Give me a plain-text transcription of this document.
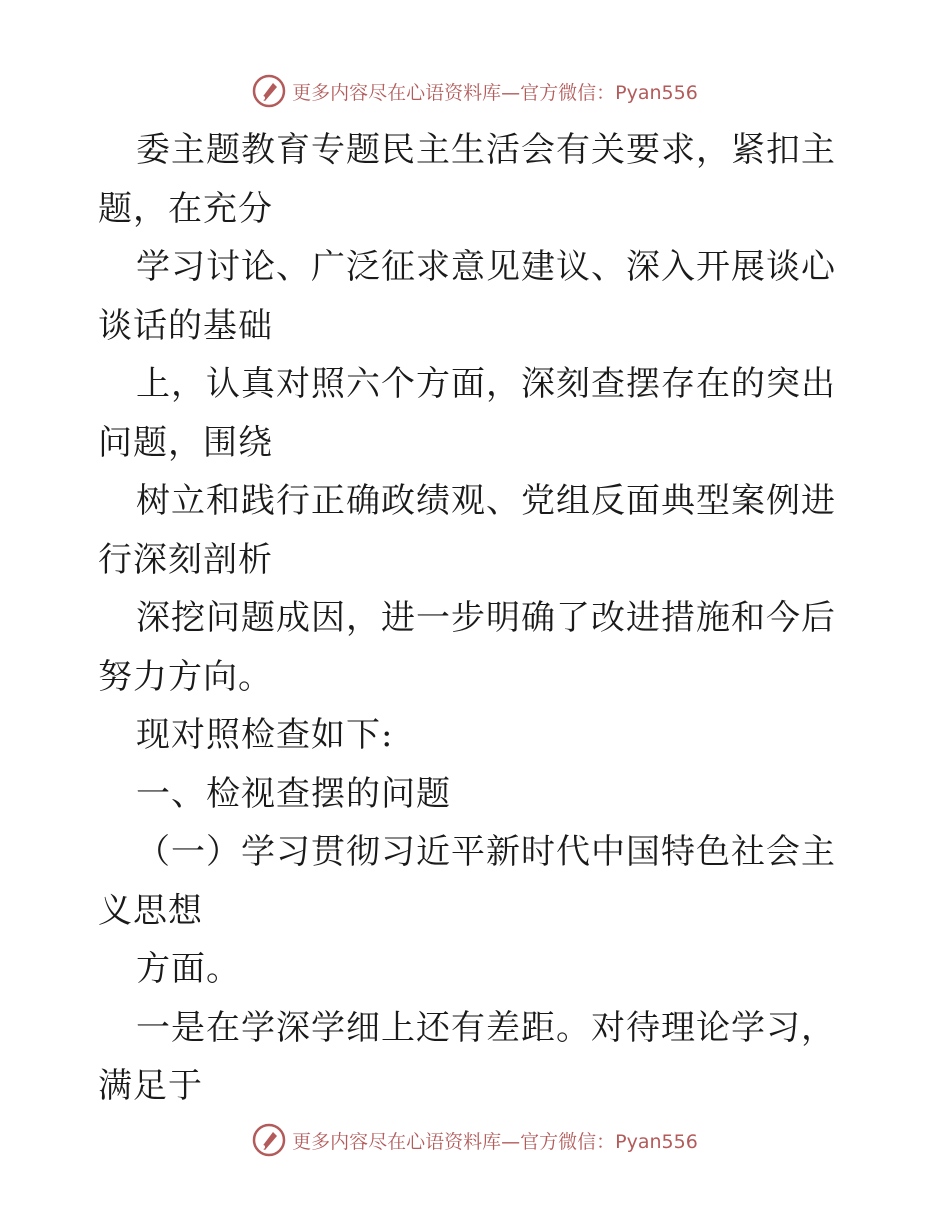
更多内容尽在心语资料库—官方微信：Pyan556

委主题教育专题民主生活会有关要求，紧扣主题，在充分

学习讨论、广泛征求意见建议、深入开展谈心谈话的基础

上，认真对照六个方面，深刻查摆存在的突出问题，围绕

树立和践行正确政绩观、党组反面典型案例进行深刻剖析

深挖问题成因，进一步明确了改进措施和今后努力方向。

现对照检查如下:

一、检视查摆的问题

（一）学习贯彻习近平新时代中国特色社会主义思想

方面。

一是在学深学细上还有差距。对待理论学习，满足于

更多内容尽在心语资料库—官方微信：Pyan556
